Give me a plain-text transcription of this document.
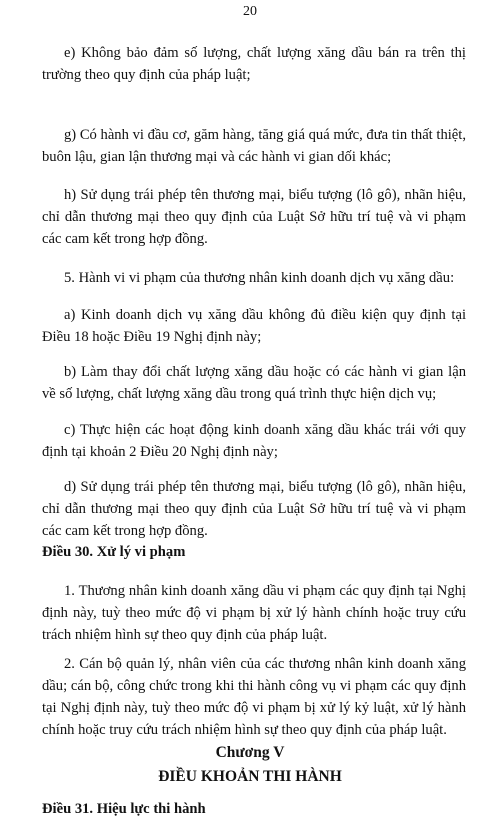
20

e) Không bảo đảm số lượng, chất lượng xăng dầu bán ra trên thị trường theo quy định của pháp luật;

g) Có hành vi đầu cơ, găm hàng, tăng giá quá mức, đưa tin thất thiệt, buôn lậu, gian lận thương mại và các hành vi gian dối khác;

h) Sử dụng trái phép tên thương mại, biểu tượng (lô gô), nhãn hiệu, chỉ dẫn thương mại theo quy định của Luật Sở hữu trí tuệ và vi phạm các cam kết trong hợp đồng.

5. Hành vi vi phạm của thương nhân kinh doanh dịch vụ xăng dầu:

a) Kinh doanh dịch vụ xăng dầu không đủ điều kiện quy định tại Điều 18 hoặc Điều 19 Nghị định này;

b) Làm thay đổi chất lượng xăng dầu hoặc có các hành vi gian lận về số lượng, chất lượng xăng dầu trong quá trình thực hiện dịch vụ;

c) Thực hiện các hoạt động kinh doanh xăng dầu khác trái với quy định tại khoản 2 Điều 20 Nghị định này;

d) Sử dụng trái phép tên thương mại, biểu tượng (lô gô), nhãn hiệu, chỉ dẫn thương mại theo quy định của Luật Sở hữu trí tuệ và vi phạm các cam kết trong hợp đồng.

Điều 30. Xử lý vi phạm

1. Thương nhân kinh doanh xăng dầu vi phạm các quy định tại Nghị định này, tuỳ theo mức độ vi phạm bị xử lý hành chính hoặc truy cứu trách nhiệm hình sự theo quy định của pháp luật.

2. Cán bộ quản lý, nhân viên của các thương nhân kinh doanh xăng dầu; cán bộ, công chức trong khi thi hành công vụ vi phạm các quy định tại Nghị định này, tuỳ theo mức độ vi phạm bị xử lý kỷ luật, xử lý hành chính hoặc truy cứu trách nhiệm hình sự theo quy định của pháp luật.

Chương V

ĐIỀU KHOẢN THI HÀNH

Điều 31. Hiệu lực thi hành
